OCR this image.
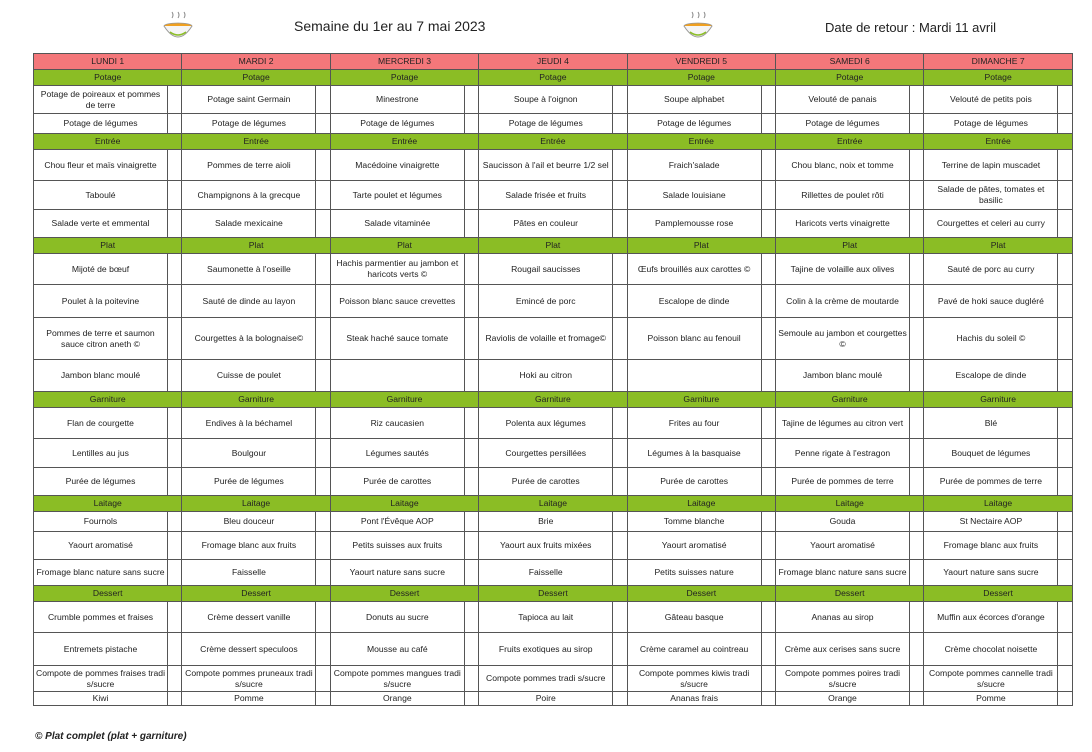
Semaine du 1er au 7 mai 2023	Date de retour : Mardi 11 avril
LUNDI 1		MARDI 2		MERCREDI 3		JEUDI 4		VENDREDI 5		SAMEDI 6		DIMANCHE 7	
Potage		Potage		Potage		Potage		Potage		Potage		Potage	
Potage de poireaux et pommes de terre		Potage saint Germain		Minestrone		Soupe à l'oignon		Soupe alphabet		Velouté de panais		Velouté de petits pois	
Potage de légumes		Potage de légumes		Potage de légumes		Potage de légumes		Potage de légumes		Potage de légumes		Potage de légumes	
Entrée		Entrée		Entrée		Entrée		Entrée		Entrée		Entrée	
Chou fleur et maïs vinaigrette		Pommes de terre aioli		Macédoine vinaigrette		Saucisson à l'ail et beurre 1/2 sel		Fraich'salade		Chou blanc, noix et tomme		Terrine de lapin muscadet	
Taboulé		Champignons à la grecque		Tarte poulet et légumes		Salade frisée et fruits		Salade louisiane		Rillettes de poulet rôti		Salade de pâtes, tomates et basilic	
Salade verte et emmental		Salade mexicaine		Salade vitaminée		Pâtes en couleur		Pamplemousse rose		Haricots verts vinaigrette		Courgettes et celeri au curry	
Plat		Plat		Plat		Plat		Plat		Plat		Plat	
Mijoté de bœuf		Saumonette à l'oseille		Hachis parmentier au jambon et haricots verts ©		Rougail saucisses		Œufs brouillés aux carottes ©		Tajine de volaille aux olives		Sauté de porc au curry	
Poulet à la poitevine		Sauté de dinde au layon		Poisson blanc sauce crevettes		Emincé de porc		Escalope de dinde		Colin à la crème de moutarde		Pavé de hoki sauce dugléré	
Pommes de terre et saumon sauce citron aneth ©		Courgettes à la bolognaise©		Steak haché sauce tomate		Raviolis de volaille et fromage©		Poisson blanc au fenouil		Semoule au jambon et courgettes ©		Hachis du soleil ©	
Jambon blanc moulé		Cuisse de poulet				Hoki au citron				Jambon blanc moulé		Escalope de dinde	
Garniture		Garniture		Garniture		Garniture		Garniture		Garniture		Garniture	
Flan de courgette		Endives à la béchamel		Riz caucasien		Polenta aux légumes		Frites au four		Tajine de légumes au citron vert		Blé	
Lentilles au jus		Boulgour		Légumes sautés		Courgettes persillées		Légumes à la basquaise		Penne rigate à l'estragon		Bouquet de légumes	
Purée de légumes		Purée de légumes		Purée de carottes		Purée de carottes		Purée de carottes		Purée de pommes de terre		Purée de pommes de terre	
Laitage		Laitage		Laitage		Laitage		Laitage		Laitage		Laitage	
Fournols		Bleu douceur		Pont l'Évêque AOP		Brie		Tomme blanche		Gouda		St Nectaire AOP	
Yaourt aromatisé		Fromage blanc aux fruits		Petits suisses aux fruits		Yaourt aux fruits mixées		Yaourt aromatisé		Yaourt aromatisé		Fromage blanc aux fruits	
Fromage blanc nature sans sucre		Faisselle		Yaourt nature sans sucre		Faisselle		Petits suisses nature		Fromage blanc nature sans sucre		Yaourt nature sans sucre	
Dessert		Dessert		Dessert		Dessert		Dessert		Dessert		Dessert	
Crumble pommes et fraises		Crème dessert vanille		Donuts au sucre		Tapioca au lait		Gâteau basque		Ananas au sirop		Muffin aux écorces d'orange	
Entremets pistache		Crème dessert speculoos		Mousse au café		Fruits exotiques au sirop		Crème caramel au cointreau		Crème aux cerises sans sucre		Crème chocolat noisette	
Compote de pommes fraises tradi s/sucre		Compote pommes pruneaux tradi s/sucre		Compote pommes mangues tradi s/sucre		Compote pommes tradi s/sucre		Compote pommes kiwis tradi s/sucre		Compote pommes poires tradi s/sucre		Compote pommes cannelle tradi s/sucre	
Kiwi		Pomme		Orange		Poire		Ananas frais		Orange		Pomme	
© Plat complet (plat + garniture)
